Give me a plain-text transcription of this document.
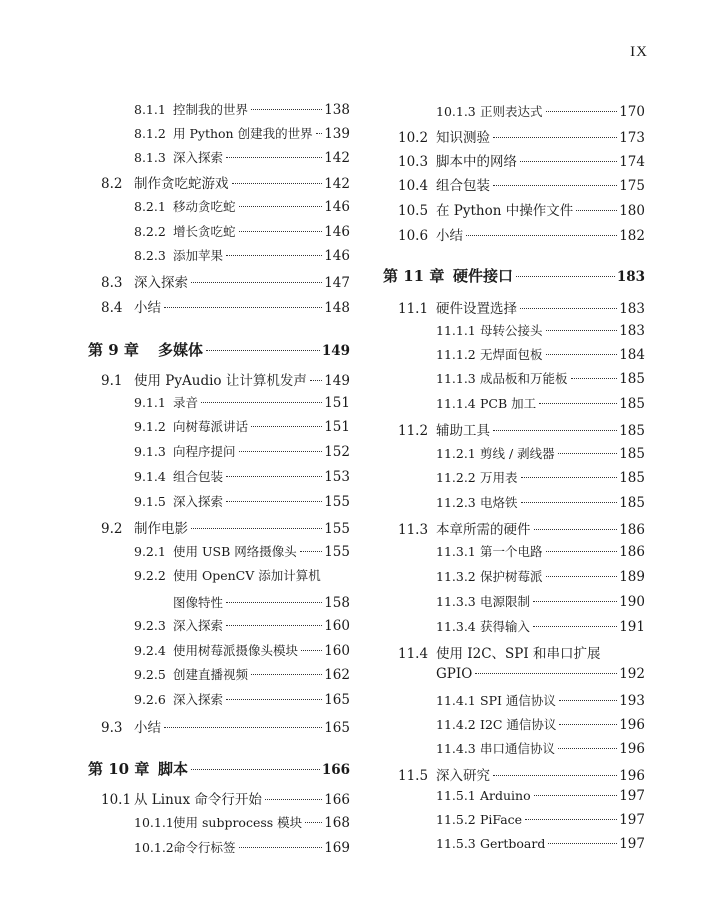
IX
8.1.1 控制我的世界	138
8.1.2 用 Python 创建我的世界 139
8.1.3 深入探索	142
8.2 制作贪吃蛇游戏	142
8.2.1 移动贪吃蛇	146
8.2.2 增长贪吃蛇	146
8.2.3 添加苹果	146
8.3 深入探索	147
8.4 小结	148
第 9 章	多媒体	149
9.1 使用 PyAudio 让计算机发声 149
9.1.1 录音	151
9.1.2 向树莓派讲话	151
9.1.3 向程序提问	152
9.1.4 组合包装	153
9.1.5 深入探索	155
9.2 制作电影	155
9.2.1 使用 USB 网络摄像头 155
9.2.2 使用 OpenCV 添加计算机
图像特性	158
9.2.3 深入探索	160
9.2.4 使用树莓派摄像头模块 160
9.2.5 创建直播视频	162
9.2.6 深入探索	165
9.3 小结	165
第 10 章 脚本	166
10.1 从 Linux 命令行开始	166
10.1.1 使用 subprocess 模块 168
10.1.2 命令行标签	169
10.1.3 正则表达式	170
10.2 知识测验	173
10.3 脚本中的网络	174
10.4 组合包装	175
10.5 在 Python 中操作文件	180
10.6 小结	182
第 11 章 硬件接口	183
11.1 硬件设置选择	183
11.1.1 母转公接头	183
11.1.2 无焊面包板	184
11.1.3 成品板和万能板	185
11.1.4 PCB 加工	185
11.2 辅助工具	185
11.2.1 剪线 / 剥线器	185
11.2.2 万用表	185
11.2.3 电烙铁	185
11.3 本章所需的硬件	186
11.3.1 第一个电路	186
11.3.2 保护树莓派	189
11.3.3 电源限制	190
11.3.4 获得输入	191
11.4 使用 I2C、SPI 和串口扩展
GPIO	192
11.4.1 SPI 通信协议	193
11.4.2 I2C 通信协议	196
11.4.3 串口通信协议	196
11.5 深入研究	196
11.5.1 Arduino	197
11.5.2 PiFace	197
11.5.3 Gertboard	197
